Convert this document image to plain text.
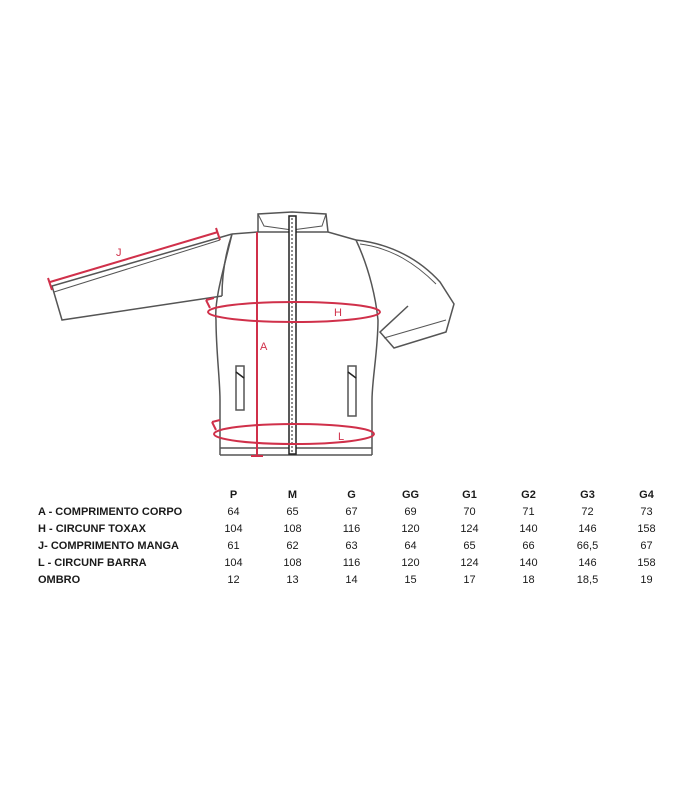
J
H
A
L
	P	M	G	GG	G1	G2	G3	G4
A - COMPRIMENTO CORPO	64	65	67	69	70	71	72	73
H - CIRCUNF TOXAX	104	108	116	120	124	140	146	158
J- COMPRIMENTO MANGA	61	62	63	64	65	66	66,5	67
L - CIRCUNF BARRA	104	108	116	120	124	140	146	158
OMBRO	12	13	14	15	17	18	18,5	19
